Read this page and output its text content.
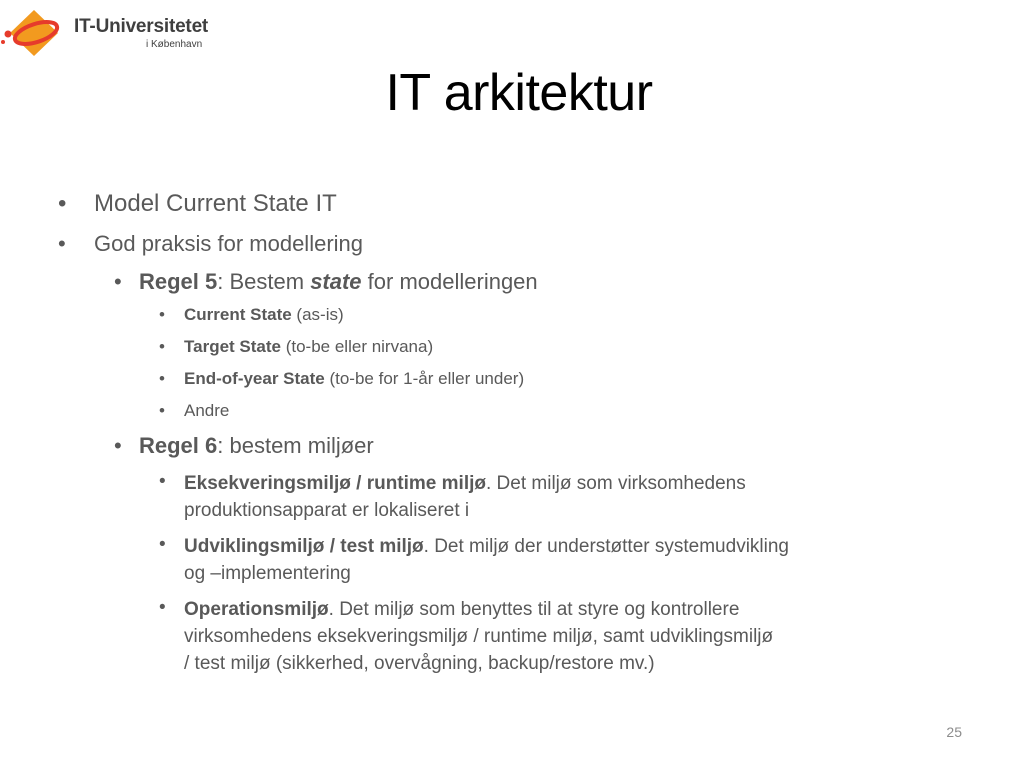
IT-Universitetet
i København
IT arkitektur
• Model Current State IT
• God praksis for modellering
• Regel 5: Bestem state for modelleringen
• Current State (as-is)
• Target State (to-be eller nirvana)
• End-of-year State (to-be for 1-år eller under)
• Andre
• Regel 6: bestem miljøer
• Eksekveringsmiljø / runtime miljø. Det miljø som virksomhedens
produktionsapparat er lokaliseret i
• Udviklingsmiljø / test miljø. Det miljø der understøtter systemudvikling
og –implementering
• Operationsmiljø. Det miljø som benyttes til at styre og kontrollere
virksomhedens eksekveringsmiljø / runtime miljø, samt udviklingsmiljø
/ test miljø (sikkerhed, overvågning, backup/restore mv.)
25
